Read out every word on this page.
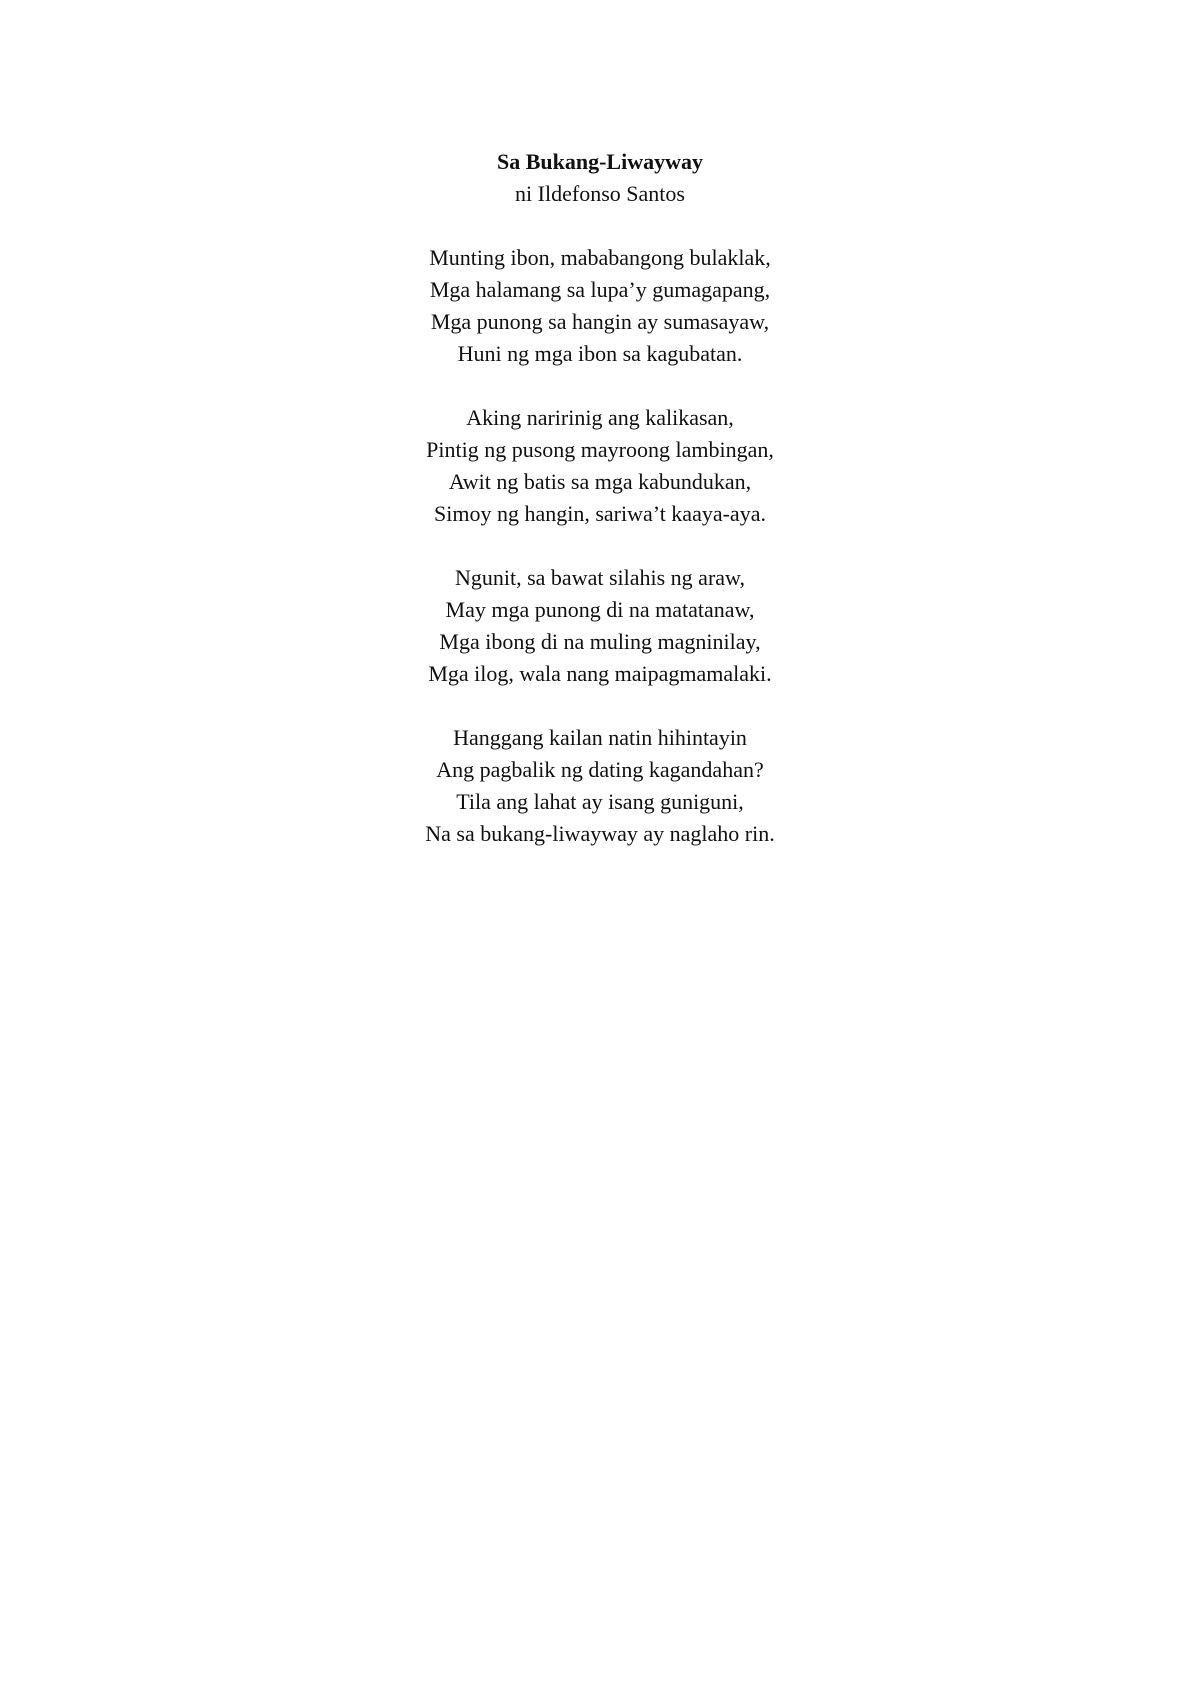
Sa Bukang-Liwayway
ni Ildefonso Santos
Munting ibon, mababangong bulaklak,
Mga halamang sa lupa’y gumagapang,
Mga punong sa hangin ay sumasayaw,
Huni ng mga ibon sa kagubatan.
Aking naririnig ang kalikasan,
Pintig ng pusong mayroong lambingan,
Awit ng batis sa mga kabundukan,
Simoy ng hangin, sariwa’t kaaya-aya.
Ngunit, sa bawat silahis ng araw,
May mga punong di na matatanaw,
Mga ibong di na muling magninilay,
Mga ilog, wala nang maipagmamalaki.
Hanggang kailan natin hihintayin
Ang pagbalik ng dating kagandahan?
Tila ang lahat ay isang guniguni,
Na sa bukang-liwayway ay naglaho rin.
